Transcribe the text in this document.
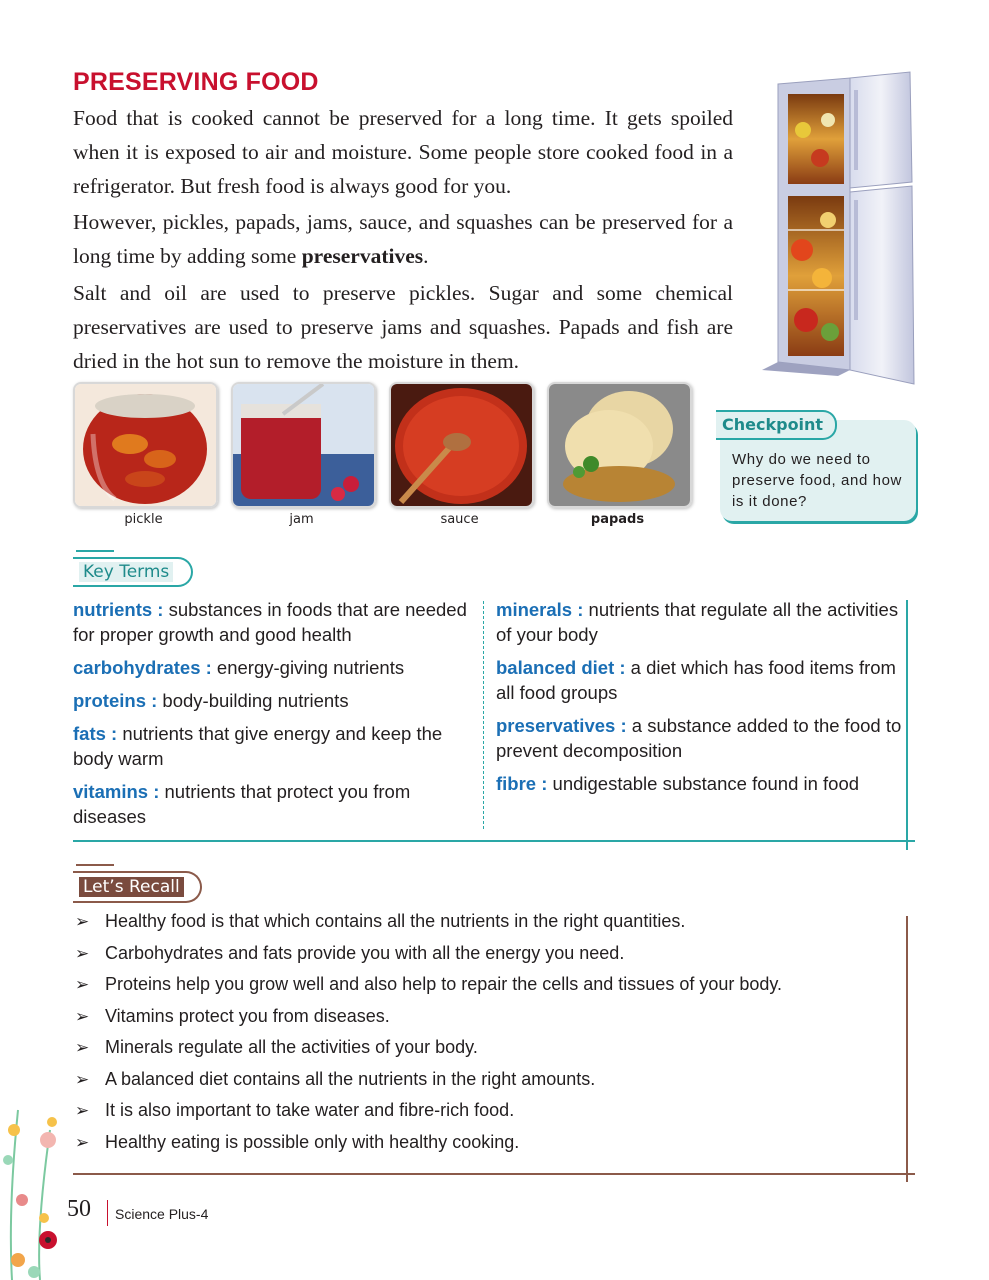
PRESERVING FOOD
Food that is cooked cannot be preserved for a long time. It gets spoiled when it is exposed to air and moisture. Some people store cooked food in a refrigerator. But fresh food is always good for you.
However, pickles, papads, jams, sauce, and squashes can be preserved for a long time by adding some preservatives.
Salt and oil are used to preserve pickles. Sugar and some chemical preservatives are used to preserve jams and squashes. Papads and fish are dried in the hot sun to remove the moisture in them.
pickle	jam	sauce	papads
Checkpoint
Why do we need to preserve food, and how is it done?
Key Terms
nutrients : substances in foods that are needed for proper growth and good health
carbohydrates : energy-giving nutrients
proteins : body-building nutrients
fats : nutrients that give energy and keep the body warm
vitamins : nutrients that protect you from diseases
minerals : nutrients that regulate all the activities of your body
balanced diet : a diet which has food items from all food groups
preservatives : a substance added to the food to prevent decomposition
fibre : undigestable substance found in food
Let’s Recall
➢ Healthy food is that which contains all the nutrients in the right quantities.
➢ Carbohydrates and fats provide you with all the energy you need.
➢ Proteins help you grow well and also help to repair the cells and tissues of your body.
➢ Vitamins protect you from diseases.
➢ Minerals regulate all the activities of your body.
➢ A balanced diet contains all the nutrients in the right amounts.
➢ It is also important to take water and fibre-rich food.
➢ Healthy eating is possible only with healthy cooking.
50 Science Plus-4
